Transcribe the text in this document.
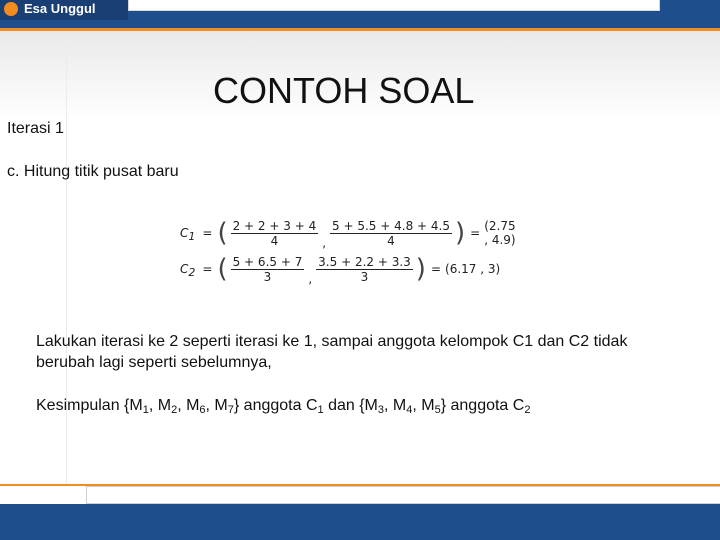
Esa Unggul
CONTOH SOAL
Iterasi 1
c. Hitung titik pusat baru
$C_1$ = ( $\frac{2 + 2 + 3 + 4}{4}$ , $\frac{5 + 5.5 + 4.8 + 4.5}{4}$ ) = (2.75 , 4.9)
$C_2$ = ( $\frac{5 + 6.5 + 7}{3}$ , $\frac{3.5 + 2.2 + 3.3}{3}$ ) = (6.17 , 3)
Lakukan iterasi ke 2 seperti iterasi ke 1, sampai anggota kelompok C1 dan C2 tidak berubah lagi seperti sebelumnya,
Kesimpulan {$M_1$, $M_2$, $M_6$, $M_7$} anggota $C_1$ dan {$M_3$, $M_4$, $M_5$} anggota $C_2$
